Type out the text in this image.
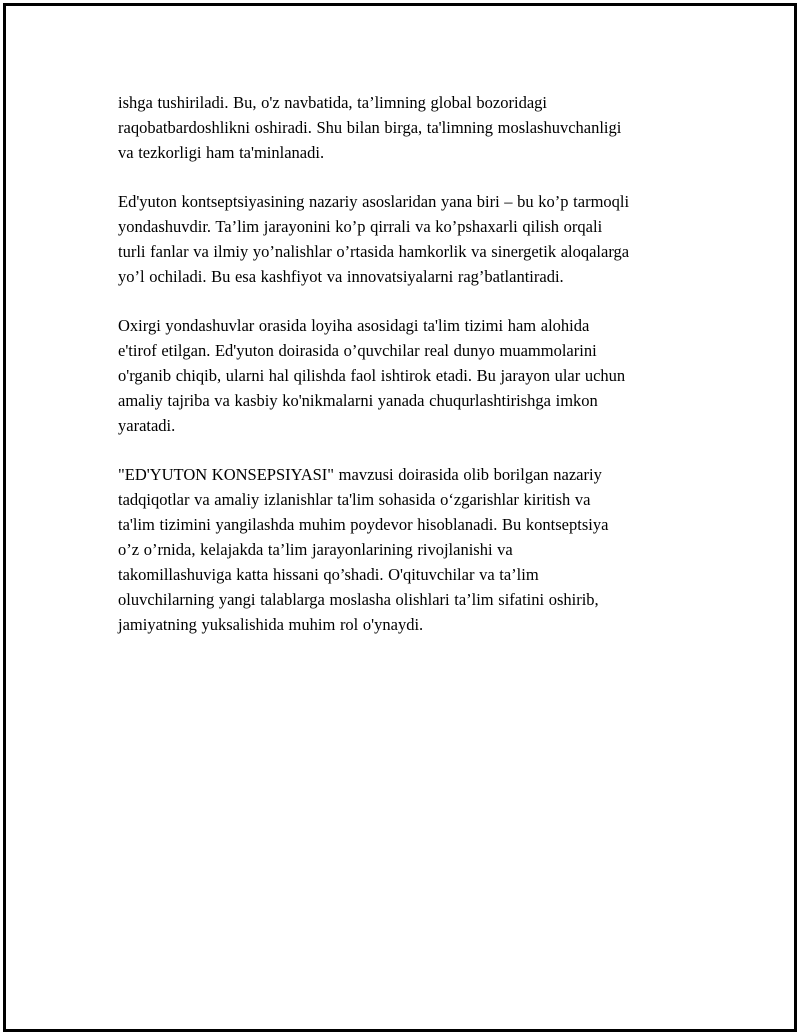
ishga tushiriladi. Bu, o'z navbatida, ta’limning global bozoridagi
raqobatbardoshlikni oshiradi. Shu bilan birga, ta'limning moslashuvchanligi
va tezkorligi ham ta'minlanadi.

Ed'yuton kontseptsiyasining nazariy asoslaridan yana biri – bu ko’p tarmoqli
yondashuvdir. Ta’lim jarayonini ko’p qirrali va ko’pshaxarli qilish orqali
turli fanlar va ilmiy yo’nalishlar o’rtasida hamkorlik va sinergetik aloqalarga
yo’l ochiladi. Bu esa kashfiyot va innovatsiyalarni rag’batlantiradi.

Oxirgi yondashuvlar orasida loyiha asosidagi ta'lim tizimi ham alohida
e'tirof etilgan. Ed'yuton doirasida o’quvchilar real dunyo muammolarini
o'rganib chiqib, ularni hal qilishda faol ishtirok etadi. Bu jarayon ular uchun
amaliy tajriba va kasbiy ko'nikmalarni yanada chuqurlashtirishga imkon
yaratadi.

"ED'YUTON KONSEPSIYASI" mavzusi doirasida olib borilgan nazariy
tadqiqotlar va amaliy izlanishlar ta'lim sohasida o‘zgarishlar kiritish va
ta'lim tizimini yangilashda muhim poydevor hisoblanadi. Bu kontseptsiya
o’z o’rnida, kelajakda ta’lim jarayonlarining rivojlanishi va
takomillashuviga katta hissani qo’shadi. O'qituvchilar va ta’lim
oluvchilarning yangi talablarga moslasha olishlari ta’lim sifatini oshirib,
jamiyatning yuksalishida muhim rol o'ynaydi.
